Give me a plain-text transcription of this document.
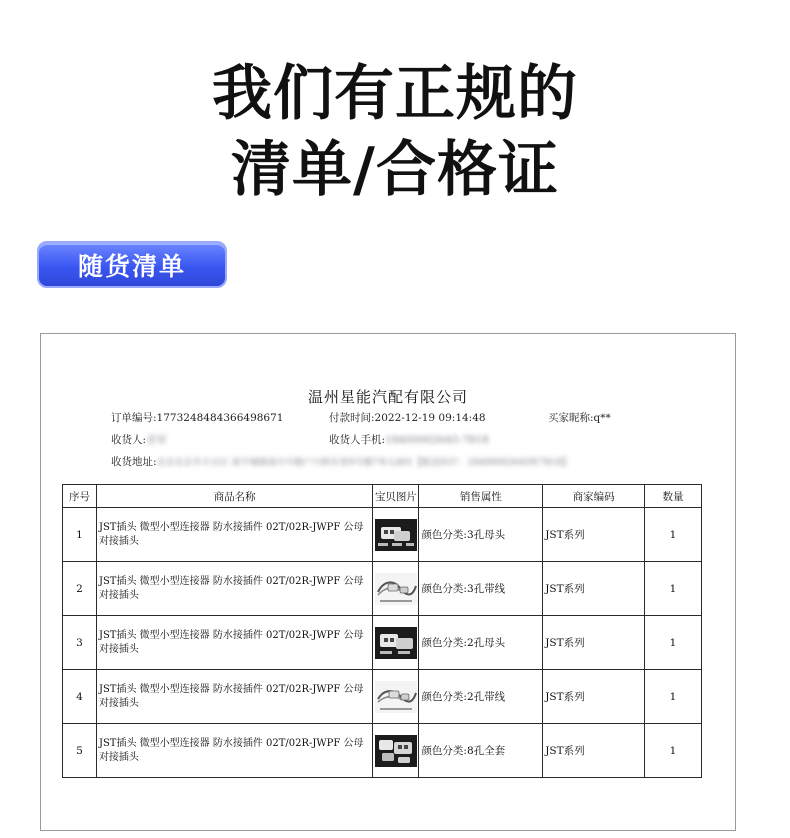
我们有正规的
清单/合格证
随货清单
温州星能汽配有限公司
订单编号:1773248484366498671	付款时间:2022-12-19 09:14:48	买家昵称:q**
收货人:余军	收货人手机:18400002645-7818
收货地址:北京北京市丰台区 南平城镇南月中路户兴桥东里9号楼7单元401【配送医疗：18400002645转7818】
序号	商品名称	宝贝图片	销售属性	商家编码	数量
1	JST插头 微型小型连接器 防水接插件 02T/02R-JWPF 公母对接插头		颜色分类:3孔母头	JST系列	1
2	JST插头 微型小型连接器 防水接插件 02T/02R-JWPF 公母对接插头		颜色分类:3孔带线	JST系列	1
3	JST插头 微型小型连接器 防水接插件 02T/02R-JWPF 公母对接插头		颜色分类:2孔母头	JST系列	1
4	JST插头 微型小型连接器 防水接插件 02T/02R-JWPF 公母对接插头		颜色分类:2孔带线	JST系列	1
5	JST插头 微型小型连接器 防水接插件 02T/02R-JWPF 公母对接插头		颜色分类:8孔全套	JST系列	1
